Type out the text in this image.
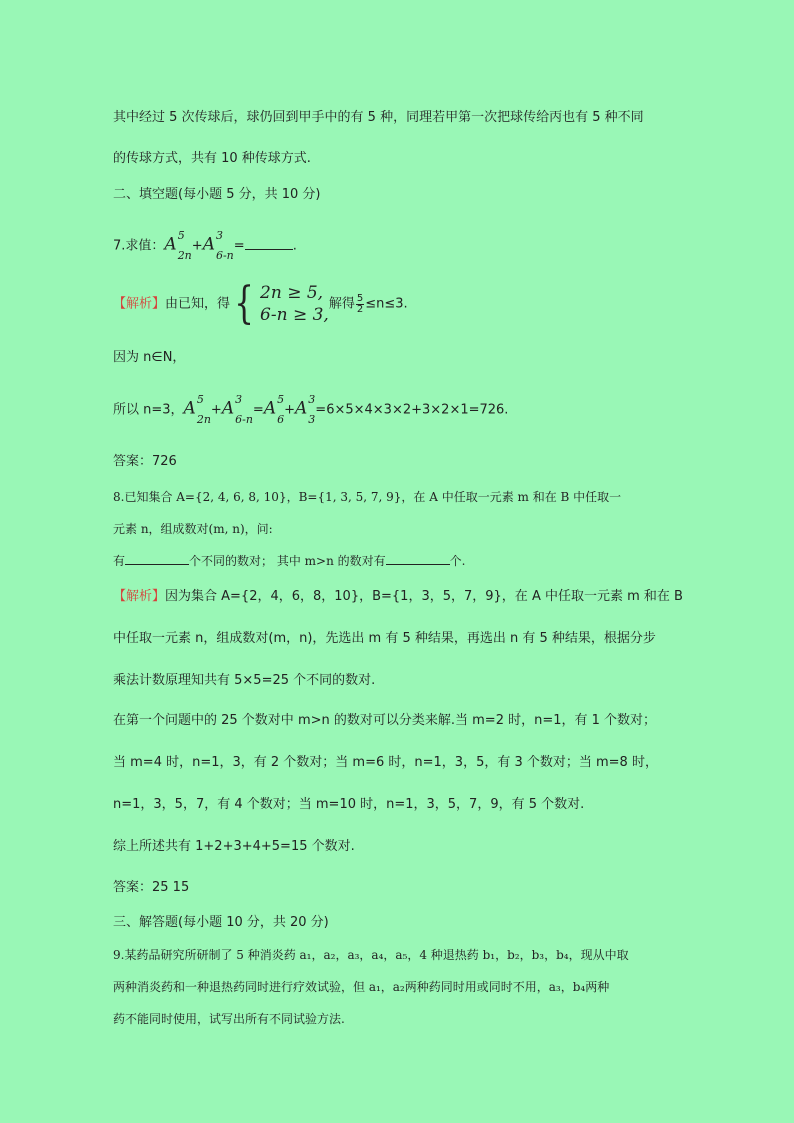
其中经过 5 次传球后，球仍回到甲手中的有 5 种，同理若甲第一次把球传给丙也有 5 种不同
的传球方式，共有 10 种传球方式.
二、填空题(每小题 5 分，共 10 分)
7.求值：A 5
2n
+A 3
6-n
=	.
【解析】由已知，得 { 2n ≥ 5,
6-n ≥ 3,
解得 $\frac{5}{2} \le n\le 3$.
因为 n∈N，
所以 n=3，A 5
2n
+A 3
6-n
=A 5
6
+A 3
3
=6×5×4×3×2+3×2×1=726.
答案：726
8.已知集合 A={2, 4, 6, 8, 10}，B={1, 3, 5, 7, 9}，在 A 中任取一元素 m 和在 B 中任取一
元素 n，组成数对(m, n)，问:
有	个不同的数对； 其中 m>n 的数对有	个.
【解析】因为集合 A={2，4，6，8，10}，B={1，3，5，7，9}，在 A 中任取一元素 m 和在 B
中任取一元素 n，组成数对(m，n)，先选出 m 有 5 种结果，再选出 n 有 5 种结果，根据分步
乘法计数原理知共有 5×5=25 个不同的数对.
在第一个问题中的 25 个数对中 m>n 的数对可以分类来解.当 m=2 时，n=1，有 1 个数对；
当 m=4 时，n=1，3，有 2 个数对；当 m=6 时，n=1，3，5，有 3 个数对；当 m=8 时，
n=1，3，5，7，有 4 个数对；当 m=10 时，n=1，3，5，7，9，有 5 个数对.
综上所述共有 1+2+3+4+5=15 个数对.
答案：25 15
三、解答题(每小题 10 分，共 20 分)
9.某药品研究所研制了 5 种消炎药 a₁，a₂，a₃，a₄，a₅，4 种退热药 b₁，b₂，b₃，b₄，现从中取
两种消炎药和一种退热药同时进行疗效试验，但 a₁，a₂两种药同时用或同时不用，a₃，b₄两种
药不能同时使用，试写出所有不同试验方法.
